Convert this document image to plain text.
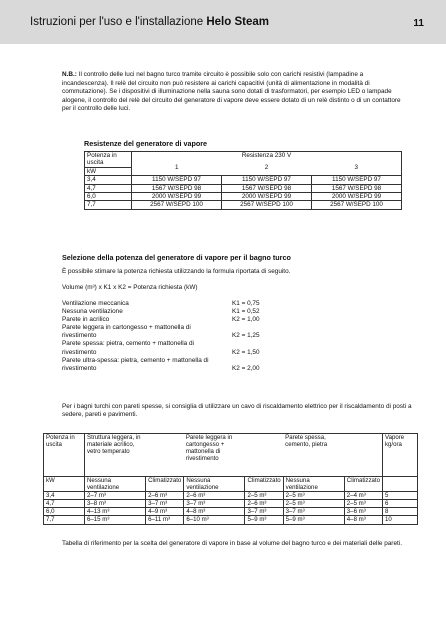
Istruzioni per l'uso e l'installazione Helo Steam	11
N.B.: Il controllo delle luci nel bagno turco tramite circuito è possibile solo con carichi resistivi (lampadine a incandescenza). Il relè del circuito non può resistere ai carichi capacitivi (unità di alimentazione in modalità di commutazione). Se i dispositivi di illuminazione nella sauna sono dotati di trasformatori, per esempio LED o lampade alogene, il controllo del relè del circuito del generatore di vapore deve essere dotato di un relè distinto o di un contattore per il controllo delle luci.
Resistenze del generatore di vapore
Potenza in uscita	Resistenza 230 V		
	1	2	3
kW			
3,4	1150 W/SEPD 97	1150 W/SEPD 97	1150 W/SEPD 97
4,7	1567 W/SEPD 98	1567 W/SEPD 98	1567 W/SEPD 98
6,0	2000 W/SEPD 99	2000 W/SEPD 99	2000 W/SEPD 99
7,7	2567 W/SEPD 100	2567 W/SEPD 100	2567 W/SEPD 100
Selezione della potenza del generatore di vapore per il bagno turco
È possibile stimare la potenza richiesta utilizzando la formula riportata di seguito.
Volume (m³) x K1 x K2 = Potenza richiesta (kW)
Ventilazione meccanica	K1 = 0,75
Nessuna ventilazione	K1 = 0,52
Parete in acrilico	K2 = 1,00
Parete leggera in cartongesso + mattonella di rivestimento	K2 = 1,25
Parete spessa: pietra, cemento + mattonella di rivestimento	K2 = 1,50
Parete ultra-spessa: pietra, cemento + mattonella di rivestimento	K2 = 2,00
Per i bagni turchi con pareti spesse, si consiglia di utilizzare un cavo di riscaldamento elettrico per il riscaldamento di posti a sedere, pareti e pavimenti.
Potenza in uscita	Struttura leggera, in materiale acrilico, vetro temperato		Parete leggera in cartongesso + mattonella di rivestimento		Parete spessa, cemento, pietra		Vapore kg/ora
kW	Nessuna ventilazione	Climatizzato	Nessuna ventilazione	Climatizzato	Nessuna ventilazione	Climatizzato	
3,4	2–7 m³	2–6 m³	2–6 m³	2–5 m³	2–5 m³	2–4 m³	5
4,7	3–8 m³	3–7 m³	3–7 m³	2–6 m³	2–5 m³	2–5 m³	6
6,0	4–13 m³	4–9 m³	4–8 m³	3–7 m³	3–7 m³	3–6 m³	8
7,7	6–15 m³	6–11 m³	6–10 m³	5–9 m³	5–9 m³	4–8 m³	10
Tabella di riferimento per la scelta del generatore di vapore in base al volume del bagno turco e dei materiali delle pareti.
